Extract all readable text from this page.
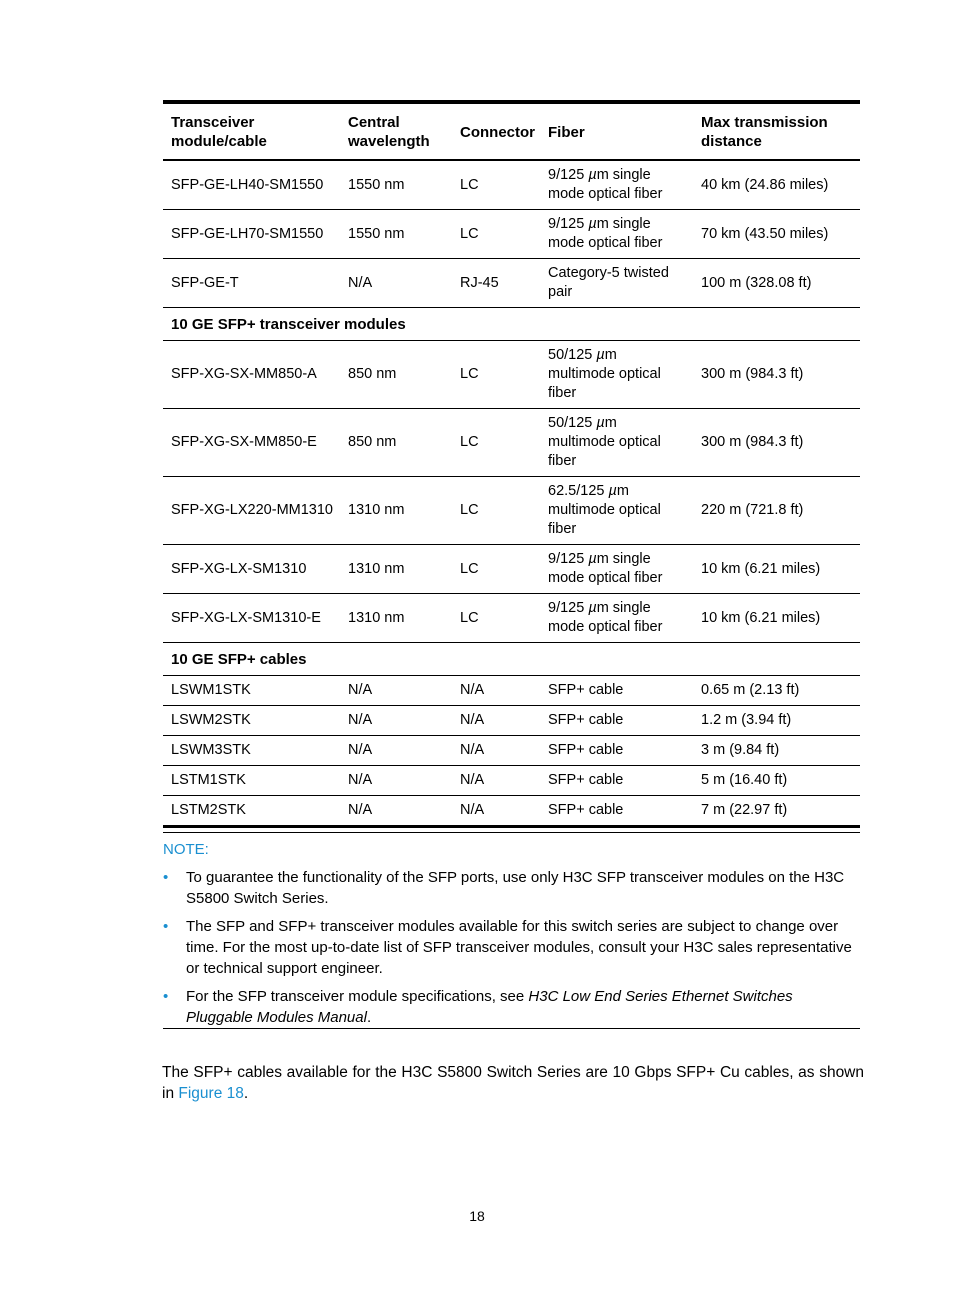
Transceiver module/cable	Central wavelength	Connector	Fiber	Max transmission distance
SFP-GE-LH40-SM1550	1550 nm	LC	9/125 µm single mode optical fiber	40 km (24.86 miles)
SFP-GE-LH70-SM1550	1550 nm	LC	9/125 µm single mode optical fiber	70 km (43.50 miles)
SFP-GE-T	N/A	RJ-45	Category-5 twisted pair	100 m (328.08 ft)
10 GE SFP+ transceiver modules				
SFP-XG-SX-MM850-A	850 nm	LC	50/125 µm multimode optical fiber	300 m (984.3 ft)
SFP-XG-SX-MM850-E	850 nm	LC	50/125 µm multimode optical fiber	300 m (984.3 ft)
SFP-XG-LX220-MM1310	1310 nm	LC	62.5/125 µm multimode optical fiber	220 m (721.8 ft)
SFP-XG-LX-SM1310	1310 nm	LC	9/125 µm single mode optical fiber	10 km (6.21 miles)
SFP-XG-LX-SM1310-E	1310 nm	LC	9/125 µm single mode optical fiber	10 km (6.21 miles)
10 GE SFP+ cables				
LSWM1STK	N/A	N/A	SFP+ cable	0.65 m (2.13 ft)
LSWM2STK	N/A	N/A	SFP+ cable	1.2 m (3.94 ft)
LSWM3STK	N/A	N/A	SFP+ cable	3 m (9.84 ft)
LSTM1STK	N/A	N/A	SFP+ cable	5 m (16.40 ft)
LSTM2STK	N/A	N/A	SFP+ cable	7 m (22.97 ft)
NOTE:
• To guarantee the functionality of the SFP ports, use only H3C SFP transceiver modules on the H3C S5800 Switch Series.
• The SFP and SFP+ transceiver modules available for this switch series are subject to change over time. For the most up-to-date list of SFP transceiver modules, consult your H3C sales representative or technical support engineer.
• For the SFP transceiver module specifications, see H3C Low End Series Ethernet Switches Pluggable Modules Manual.

The SFP+ cables available for the H3C S5800 Switch Series are 10 Gbps SFP+ Cu cables, as shown in Figure 18.

18
